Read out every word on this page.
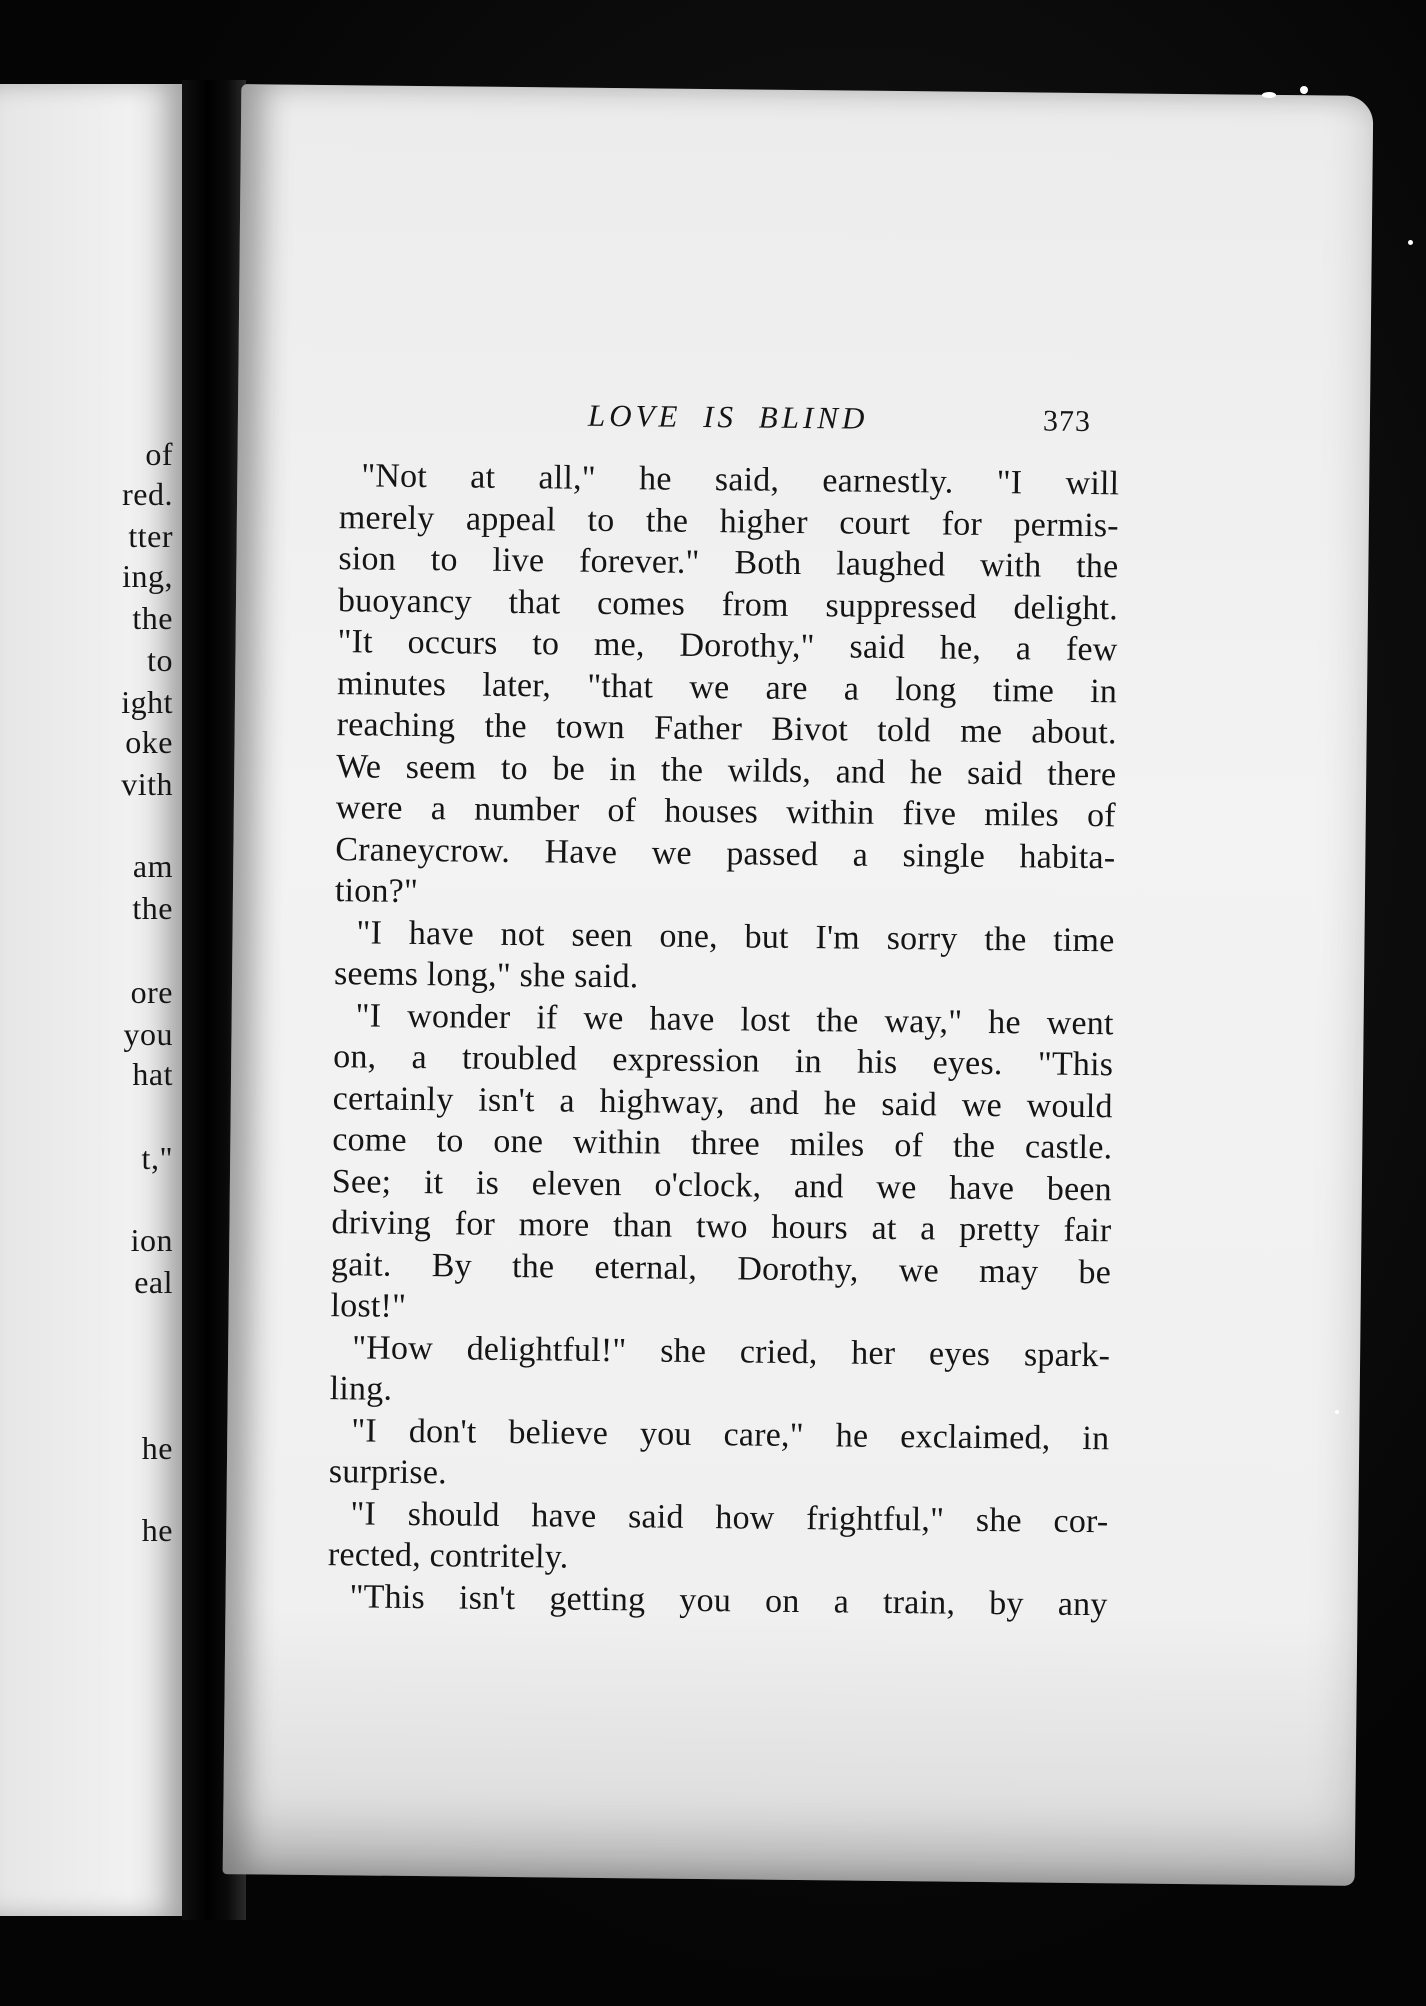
of
red.
tter
ing,
the
to
ight
oke
vith
am
the
ore
you
hat
t,"
ion
eal
he
he
LOVE IS BLIND	373
"Not at all," he said, earnestly. "I will
merely appeal to the higher court for permis-
sion to live forever." Both laughed with the
buoyancy that comes from suppressed delight.
"It occurs to me, Dorothy," said he, a few
minutes later, "that we are a long time in
reaching the town Father Bivot told me about.
We seem to be in the wilds, and he said there
were a number of houses within five miles of
Craneycrow. Have we passed a single habita-
tion?"
"I have not seen one, but I'm sorry the time
seems long," she said.
"I wonder if we have lost the way," he went
on, a troubled expression in his eyes. "This
certainly isn't a highway, and he said we would
come to one within three miles of the castle.
See; it is eleven o'clock, and we have been
driving for more than two hours at a pretty fair
gait. By the eternal, Dorothy, we may be
lost!"
"How delightful!" she cried, her eyes spark-
ling.
"I don't believe you care," he exclaimed, in
surprise.
"I should have said how frightful," she cor-
rected, contritely.
"This isn't getting you on a train, by any
